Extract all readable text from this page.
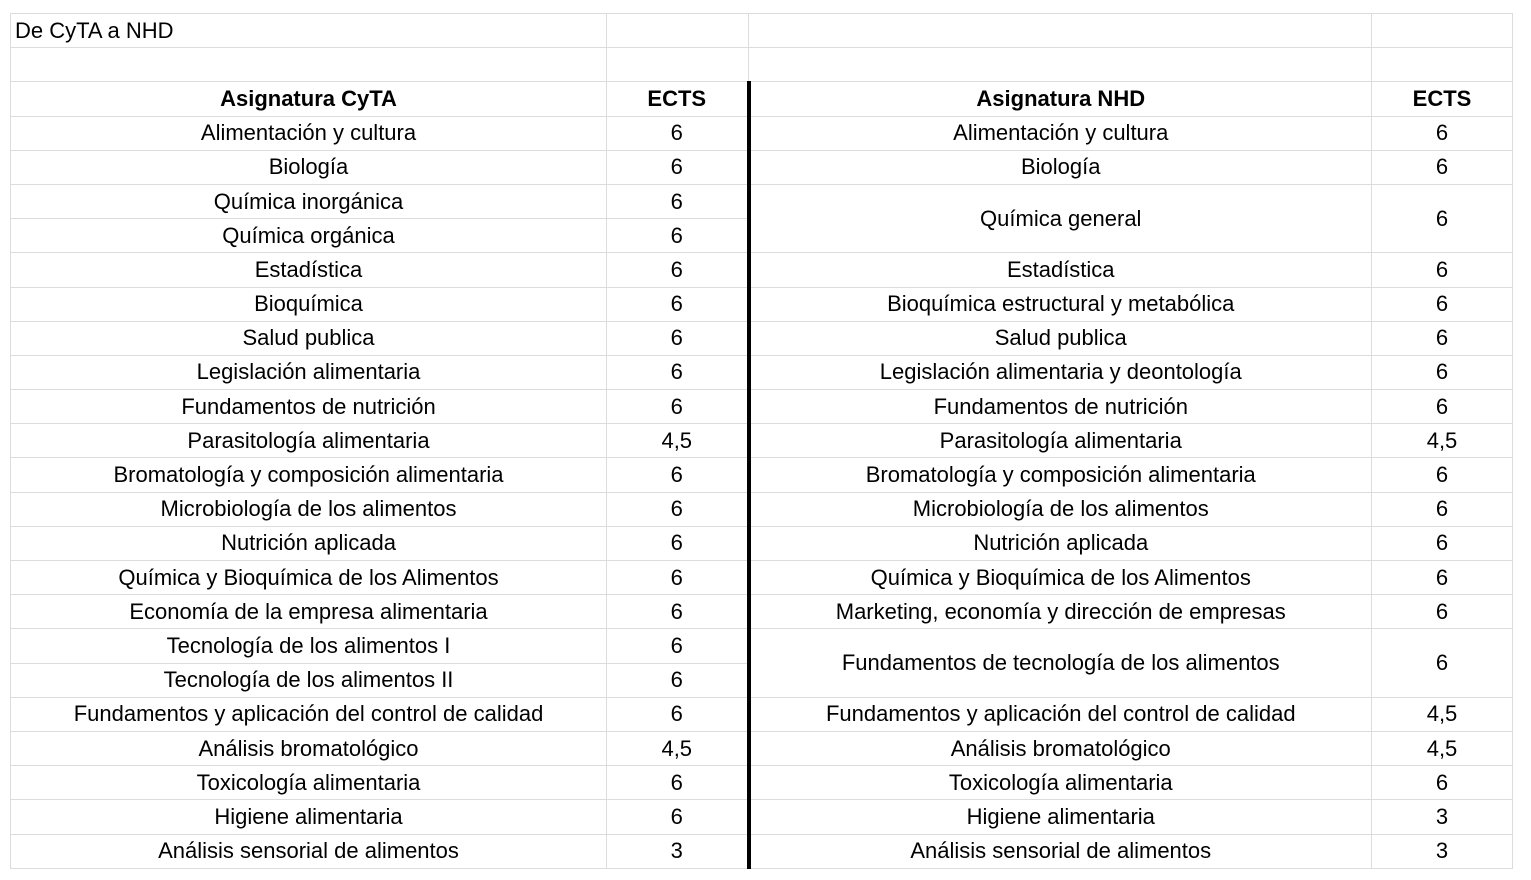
De CyTA a NHD			

Asignatura CyTA	ECTS	Asignatura NHD	ECTS
Alimentación y cultura	6	Alimentación y cultura	6
Biología	6	Biología	6
Química inorgánica	6	Química general	6
Química orgánica	6		
Estadística	6	Estadística	6
Bioquímica	6	Bioquímica estructural y metabólica	6
Salud publica	6	Salud publica	6
Legislación alimentaria	6	Legislación alimentaria y deontología	6
Fundamentos de nutrición	6	Fundamentos de nutrición	6
Parasitología alimentaria	4,5	Parasitología alimentaria	4,5
Bromatología y composición alimentaria	6	Bromatología y composición alimentaria	6
Microbiología de los alimentos	6	Microbiología de los alimentos	6
Nutrición aplicada	6	Nutrición aplicada	6
Química y Bioquímica de los Alimentos	6	Química y Bioquímica de los Alimentos	6
Economía de la empresa alimentaria	6	Marketing, economía y dirección de empresas	6
Tecnología de los alimentos I	6	Fundamentos de tecnología de los alimentos	6
Tecnología de los alimentos II	6		
Fundamentos y aplicación del control de calidad	6	Fundamentos y aplicación del control de calidad	4,5
Análisis bromatológico	4,5	Análisis bromatológico	4,5
Toxicología alimentaria	6	Toxicología alimentaria	6
Higiene alimentaria	6	Higiene alimentaria	3
Análisis sensorial de alimentos	3	Análisis sensorial de alimentos	3
